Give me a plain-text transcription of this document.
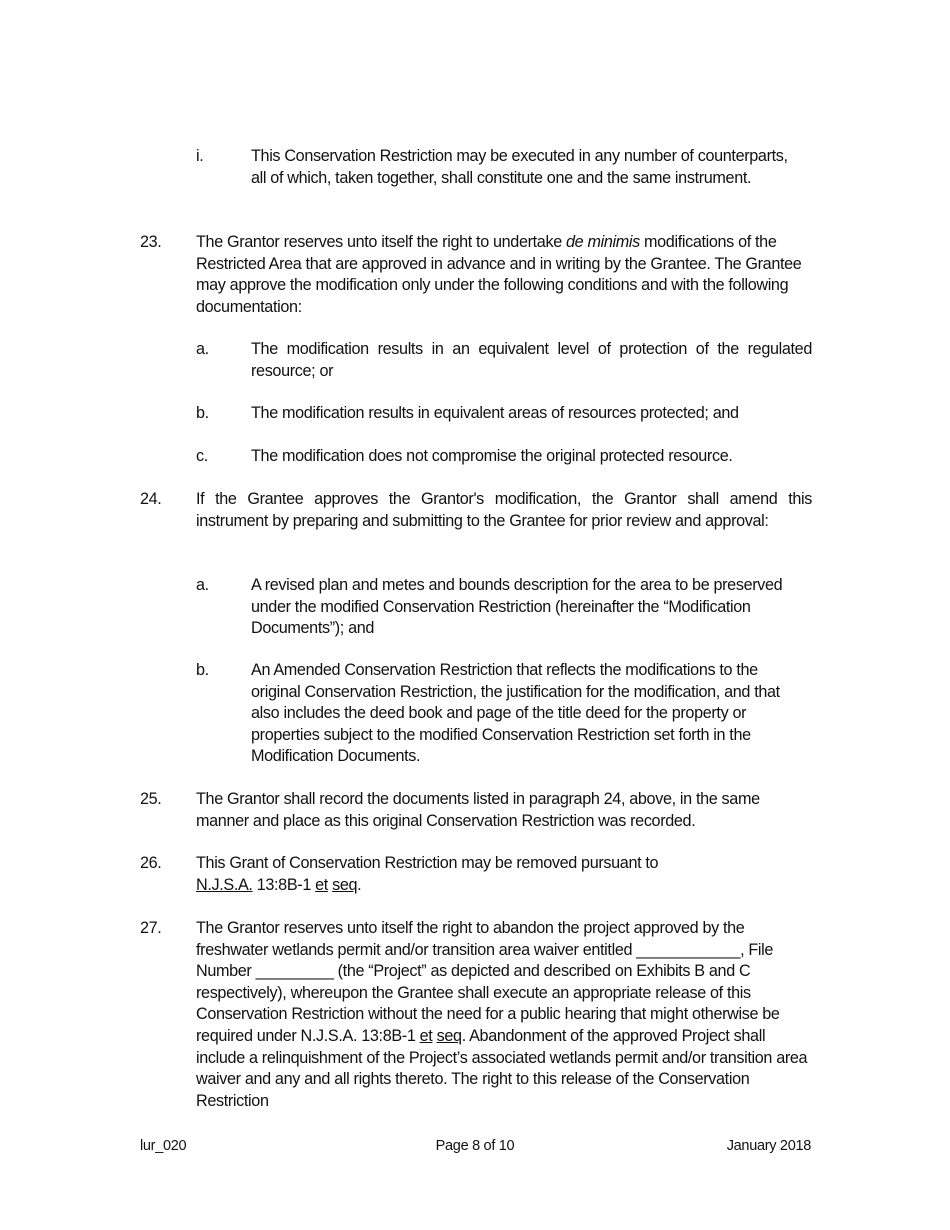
i.	This Conservation Restriction may be executed in any number of counterparts, all of which, taken together, shall constitute one and the same instrument.
23. The Grantor reserves unto itself the right to undertake de minimis modifications of the Restricted Area that are approved in advance and in writing by the Grantee. The Grantee may approve the modification only under the following conditions and with the following documentation:
a.	The modification results in an equivalent level of protection of the regulated resource; or
b.	The modification results in equivalent areas of resources protected; and
c.	The modification does not compromise the original protected resource.
24. If the Grantee approves the Grantor's modification, the Grantor shall amend this instrument by preparing and submitting to the Grantee for prior review and approval:
a.	A revised plan and metes and bounds description for the area to be preserved under the modified Conservation Restriction (hereinafter the “Modification Documents”); and
b.	An Amended Conservation Restriction that reflects the modifications to the original Conservation Restriction, the justification for the modification, and that also includes the deed book and page of the title deed for the property or properties subject to the modified Conservation Restriction set forth in the Modification Documents.
25. The Grantor shall record the documents listed in paragraph 24, above, in the same manner and place as this original Conservation Restriction was recorded.
26. This Grant of Conservation Restriction may be removed pursuant to N.J.S.A. 13:8B-1 et seq.
27. The Grantor reserves unto itself the right to abandon the project approved by the freshwater wetlands permit and/or transition area waiver entitled ____________, File Number _________ (the “Project” as depicted and described on Exhibits B and C respectively), whereupon the Grantee shall execute an appropriate release of this Conservation Restriction without the need for a public hearing that might otherwise be required under N.J.S.A. 13:8B-1 et seq. Abandonment of the approved Project shall include a relinquishment of the Project’s associated wetlands permit and/or transition area waiver and any and all rights thereto. The right to this release of the Conservation Restriction
lur_020	Page 8 of 10	January 2018
